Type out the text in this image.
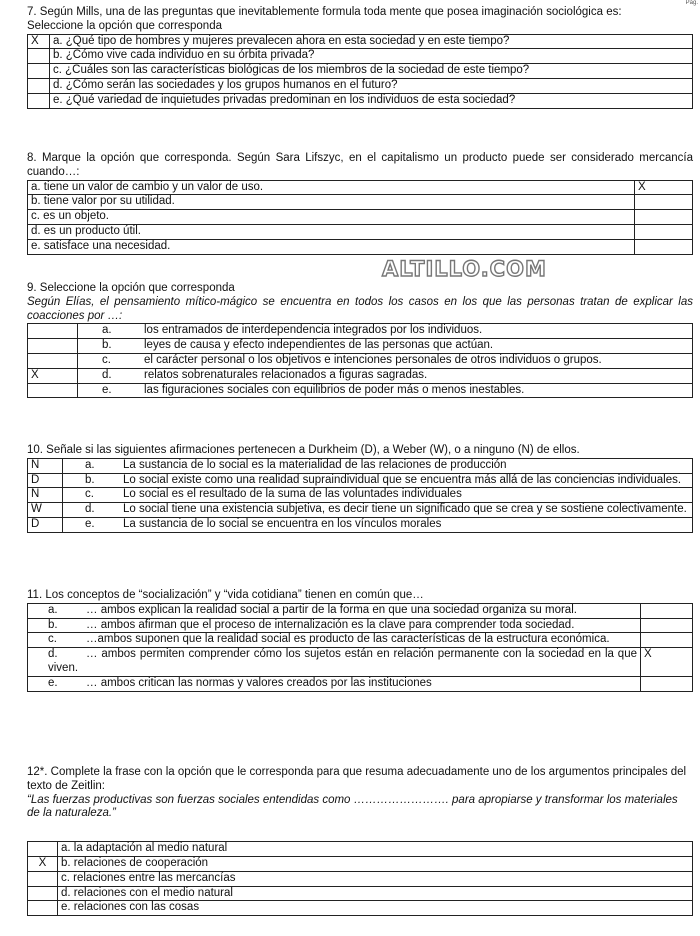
Pág.

7. Según Mills, una de las preguntas que inevitablemente formula toda mente que posea imaginación sociológica es:

Seleccione la opción que corresponda

X	a. ¿Qué tipo de hombres y mujeres prevalecen ahora en esta sociedad y en este tiempo?
	b. ¿Cómo vive cada individuo en su órbita privada?
	c. ¿Cuáles son las características biológicas de los miembros de la sociedad de este tiempo?
	d. ¿Cómo serán las sociedades y los grupos humanos en el futuro?
	e. ¿Qué variedad de inquietudes privadas predominan en los individuos de esta sociedad?

8. Marque la opción que corresponda. Según Sara Lifszyc, en el capitalismo un producto puede ser considerado mercancía cuando…:

a. tiene un valor de cambio y un valor de uso.	X
b. tiene valor por su utilidad.	
c. es un objeto.	
d. es un producto útil.	
e. satisface una necesidad.	
ALTILLO.COM

9. Seleccione la opción que corresponda

Según Elías, el pensamiento mítico-mágico se encuentra en todos los casos en los que las personas tratan de explicar las coacciones por …:

	a. los entramados de interdependencia integrados por los individuos.
	b. leyes de causa y efecto independientes de las personas que actúan.
	c. el carácter personal o los objetivos e intenciones personales de otros individuos o grupos.
X	d. relatos sobrenaturales relacionados a figuras sagradas.
	e. las figuraciones sociales con equilibrios de poder más o menos inestables.

10. Señale si las siguientes afirmaciones pertenecen a Durkheim (D), a Weber (W), o a ninguno (N) de ellos.

N	a. La sustancia de lo social es la materialidad de las relaciones de producción
D	b. Lo social existe como una realidad supraindividual que se encuentra más allá de las conciencias individuales.
N	c. Lo social es el resultado de la suma de las voluntades individuales
W	d. Lo social tiene una existencia subjetiva, es decir tiene un significado que se crea y se sostiene colectivamente.
D	e. La sustancia de lo social se encuentra en los vínculos morales

11. Los conceptos de “socialización” y “vida cotidiana” tienen en común que…

a. … ambos explican la realidad social a partir de la forma en que una sociedad organiza su moral.	
b. … ambos afirman que el proceso de internalización es la clave para comprender toda sociedad.	
c. …ambos suponen que la realidad social es producto de las características de la estructura económica.	
d. … ambos permiten comprender cómo los sujetos están en relación permanente con la sociedad en la que viven.	X
e. … ambos critican las normas y valores creados por las instituciones	

12*. Complete la frase con la opción que le corresponda para que resuma adecuadamente uno de los argumentos principales del texto de Zeitlin:

“Las fuerzas productivas son fuerzas sociales entendidas como ……………………. para apropiarse y transformar los materiales de la naturaleza.”

	a. la adaptación al medio natural
X	b. relaciones de cooperación
	c. relaciones entre las mercancías
	d. relaciones con el medio natural
	e. relaciones con las cosas
